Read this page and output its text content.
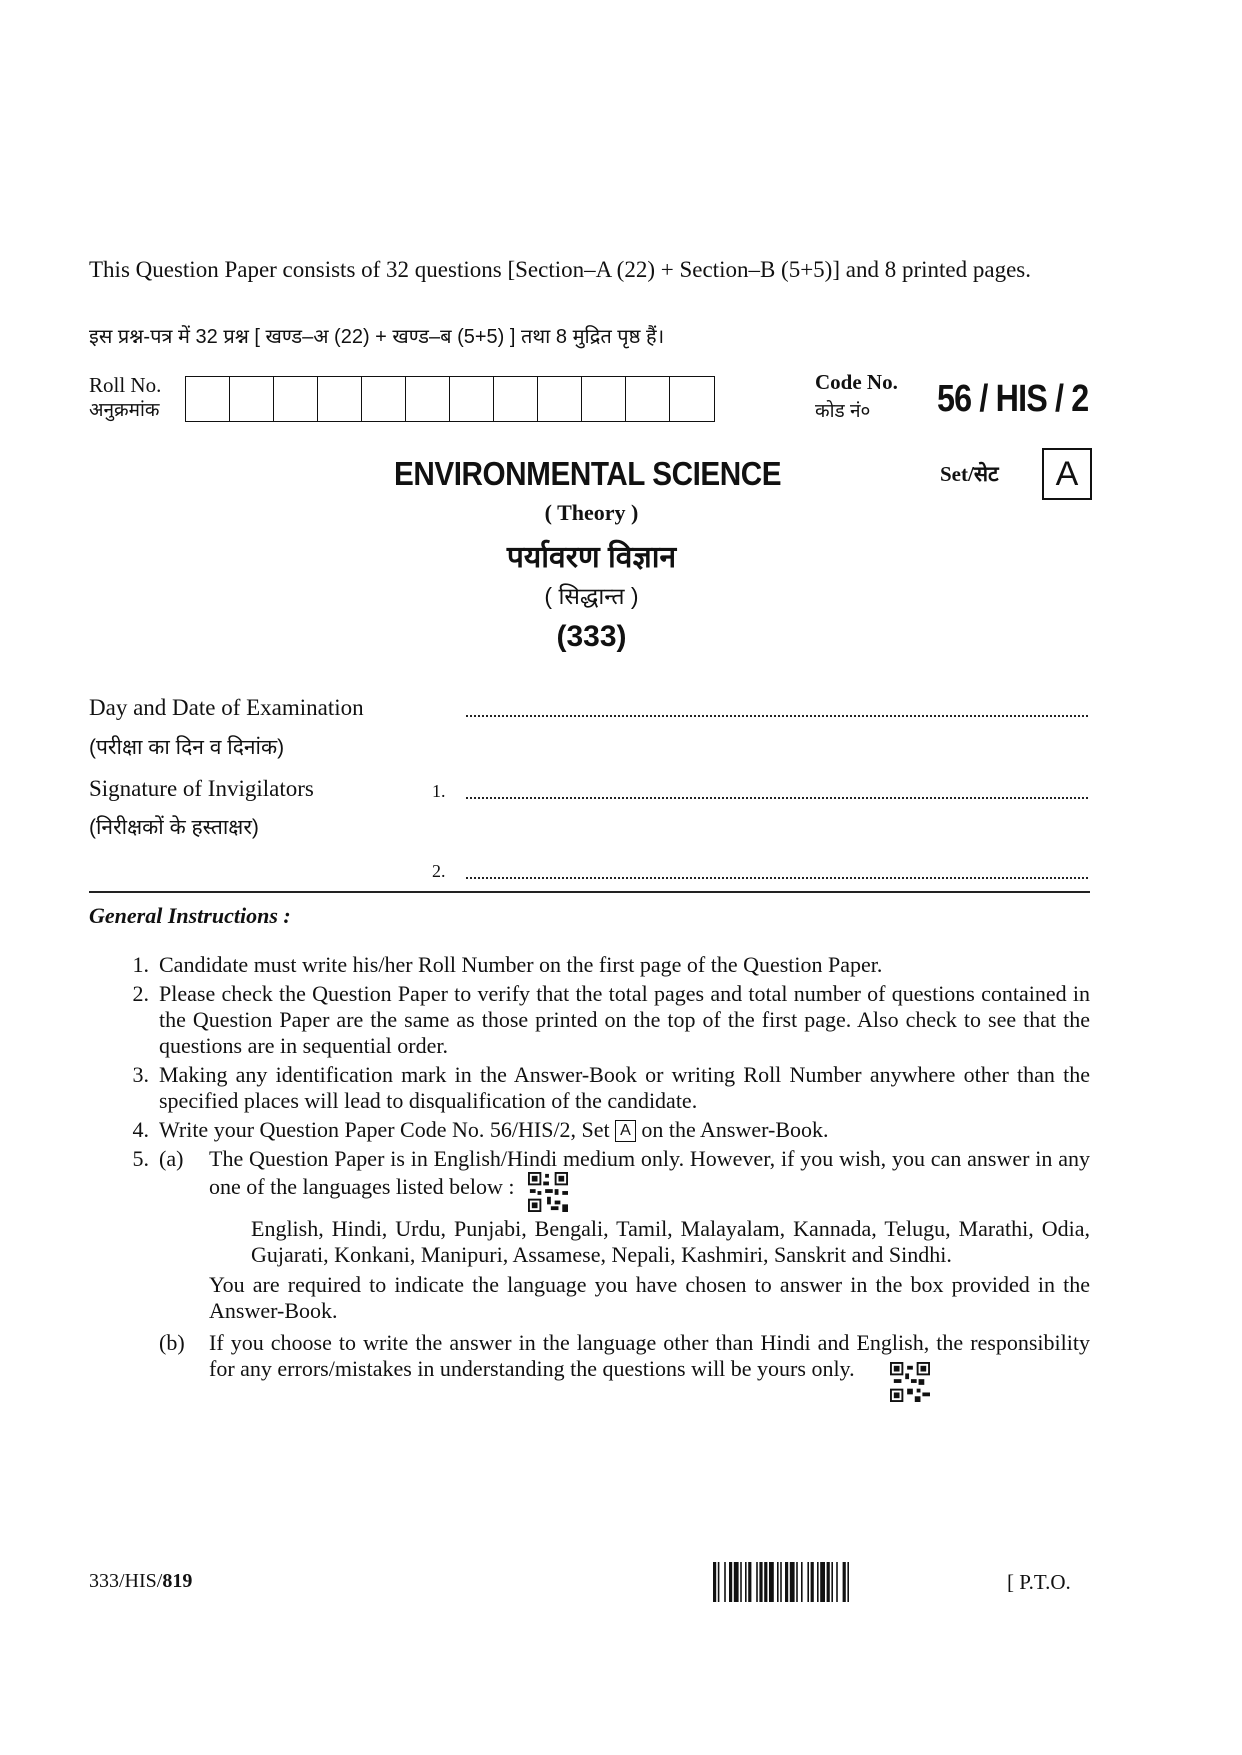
This Question Paper consists of 32 questions [Section–A (22) + Section–B (5+5)] and 8 printed pages.
इस प्रश्न-पत्र में 32 प्रश्न [ खण्ड–अ (22) + खण्ड–ब (5+5) ] तथा 8 मुद्रित पृष्ठ हैं।
Roll No.
अनुक्रमांक
Code No.
कोड नं०	56 / HIS / 2
ENVIRONMENTAL SCIENCE	Set/सेट	A
( Theory )
पर्यावरण विज्ञान
( सिद्धान्त )
(333)
Day and Date of Examination
(परीक्षा का दिन व दिनांक)
Signature of Invigilators	1.
(निरीक्षकों के हस्ताक्षर)
2.
General Instructions :
1. Candidate must write his/her Roll Number on the first page of the Question Paper.
2. Please check the Question Paper to verify that the total pages and total number of questions contained in the Question Paper are the same as those printed on the top of the first page. Also check to see that the questions are in sequential order.
3. Making any identification mark in the Answer-Book or writing Roll Number anywhere other than the specified places will lead to disqualification of the candidate.
4. Write your Question Paper Code No. 56/HIS/2, Set A on the Answer-Book.
5. (a)	The Question Paper is in English/Hindi medium only. However, if you wish, you can answer in any one of the languages listed below :
English, Hindi, Urdu, Punjabi, Bengali, Tamil, Malayalam, Kannada, Telugu, Marathi, Odia, Gujarati, Konkani, Manipuri, Assamese, Nepali, Kashmiri, Sanskrit and Sindhi.
You are required to indicate the language you have chosen to answer in the box provided in the Answer-Book.
(b)	If you choose to write the answer in the language other than Hindi and English, the responsibility for any errors/mistakes in understanding the questions will be yours only.
333/HIS/819	[ P.T.O.
